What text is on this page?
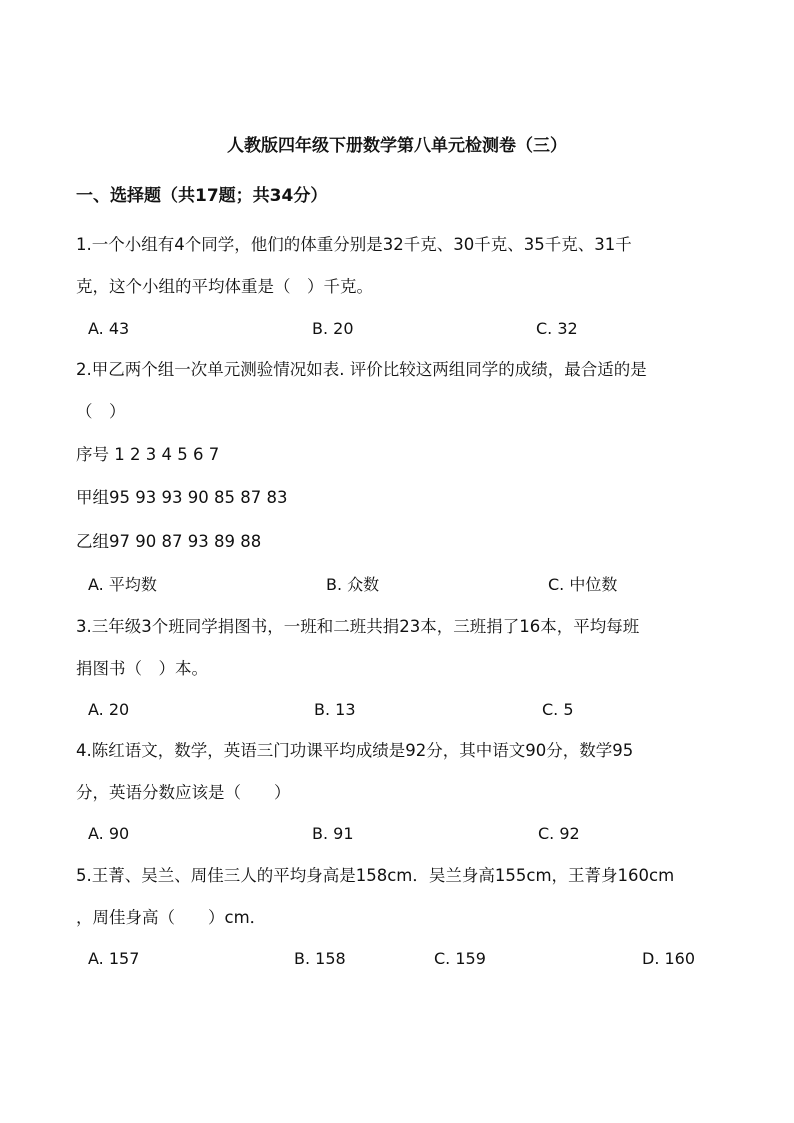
人教版四年级下册数学第八单元检测卷（三）
一、选择题（共17题；共34分）
1.一个小组有4个同学，他们的体重分别是32千克、30千克、35千克、31千
克，这个小组的平均体重是（　）千克。
A. 43	B. 20	C. 32
2.甲乙两个组一次单元测验情况如表. 评价比较这两组同学的成绩，最合适的是
（　）
序号 1 2 3 4 5 6 7
甲组95 93 93 90 85 87 83
乙组97 90 87 93 89 88
A. 平均数	B. 众数	C. 中位数
3.三年级3个班同学捐图书，一班和二班共捐23本，三班捐了16本，平均每班
捐图书（　）本。
A. 20	B. 13	C. 5
4.陈红语文，数学，英语三门功课平均成绩是92分，其中语文90分，数学95
分，英语分数应该是（　　）
A. 90	B. 91	C. 92
5.王菁、吴兰、周佳三人的平均身高是158cm．吴兰身高155cm，王菁身160cm
，周佳身高（　　）cm．
A. 157	B. 158	C. 159	D. 160
